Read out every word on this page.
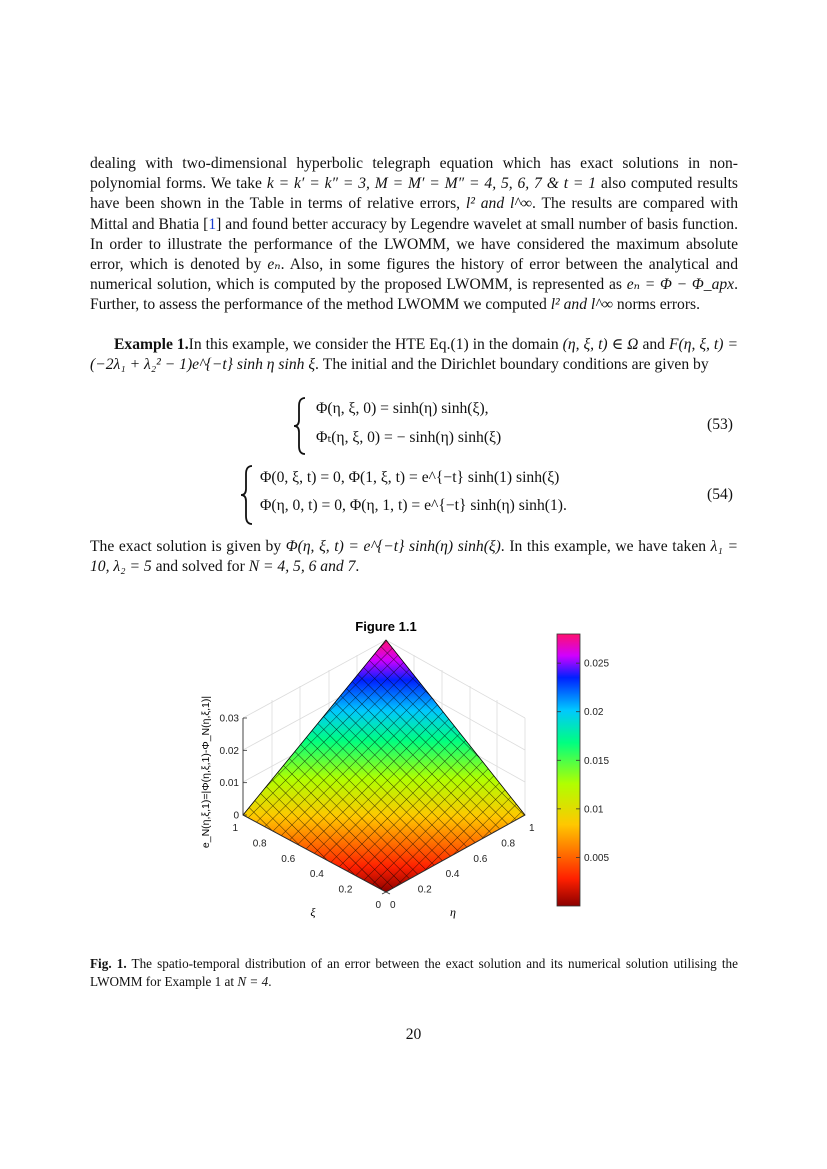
dealing with two-dimensional hyperbolic telegraph equation which has exact solutions in non-polynomial forms. We take k = k′ = k″ = 3, M = M′ = M″ = 4, 5, 6, 7 & t = 1 also computed results have been shown in the Table in terms of relative errors, l² and l^∞. The results are compared with Mittal and Bhatia [1] and found better accuracy by Legendre wavelet at small number of basis function. In order to illustrate the performance of the LWOMM, we have considered the maximum absolute error, which is denoted by eₙ. Also, in some figures the history of error between the analytical and numerical solution, which is computed by the proposed LWOMM, is represented as eₙ = Φ − Φ_apx. Further, to assess the performance of the method LWOMM we computed l² and l^∞ norms errors.
Example 1.In this example, we consider the HTE Eq.(1) in the domain (η, ξ, t) ∈ Ω and F(η, ξ, t) = (−2λ₁ + λ₂² − 1)e^{−t} sinh η sinh ξ. The initial and the Dirichlet boundary conditions are given by
Φ(η, ξ, 0) = sinh(η) sinh(ξ),
Φₜ(η, ξ, 0) = − sinh(η) sinh(ξ)
(53)
Φ(0, ξ, t) = 0, Φ(1, ξ, t) = e^{−t} sinh(1) sinh(ξ)
Φ(η, 0, t) = 0, Φ(η, 1, t) = e^{−t} sinh(η) sinh(1).
(54)
The exact solution is given by Φ(η, ξ, t) = e^{−t} sinh(η) sinh(ξ). In this example, we have taken λ₁ = 10, λ₂ = 5 and solved for N = 4, 5, 6 and 7.
Figure 1.1
0
0.01
0.02
0.03
0
0.2
0.4
0.6
0.8
1
0
0.2
0.4
0.6
0.8
1
ξ	η
e_N(η,ξ,1)=|Φ(η,ξ,1)-Φ_N(η,ξ,1)|
0.005
0.01
0.015
0.02
0.025
Fig. 1. The spatio-temporal distribution of an error between the exact solution and its numerical solution utilising the LWOMM for Example 1 at N = 4.
20
